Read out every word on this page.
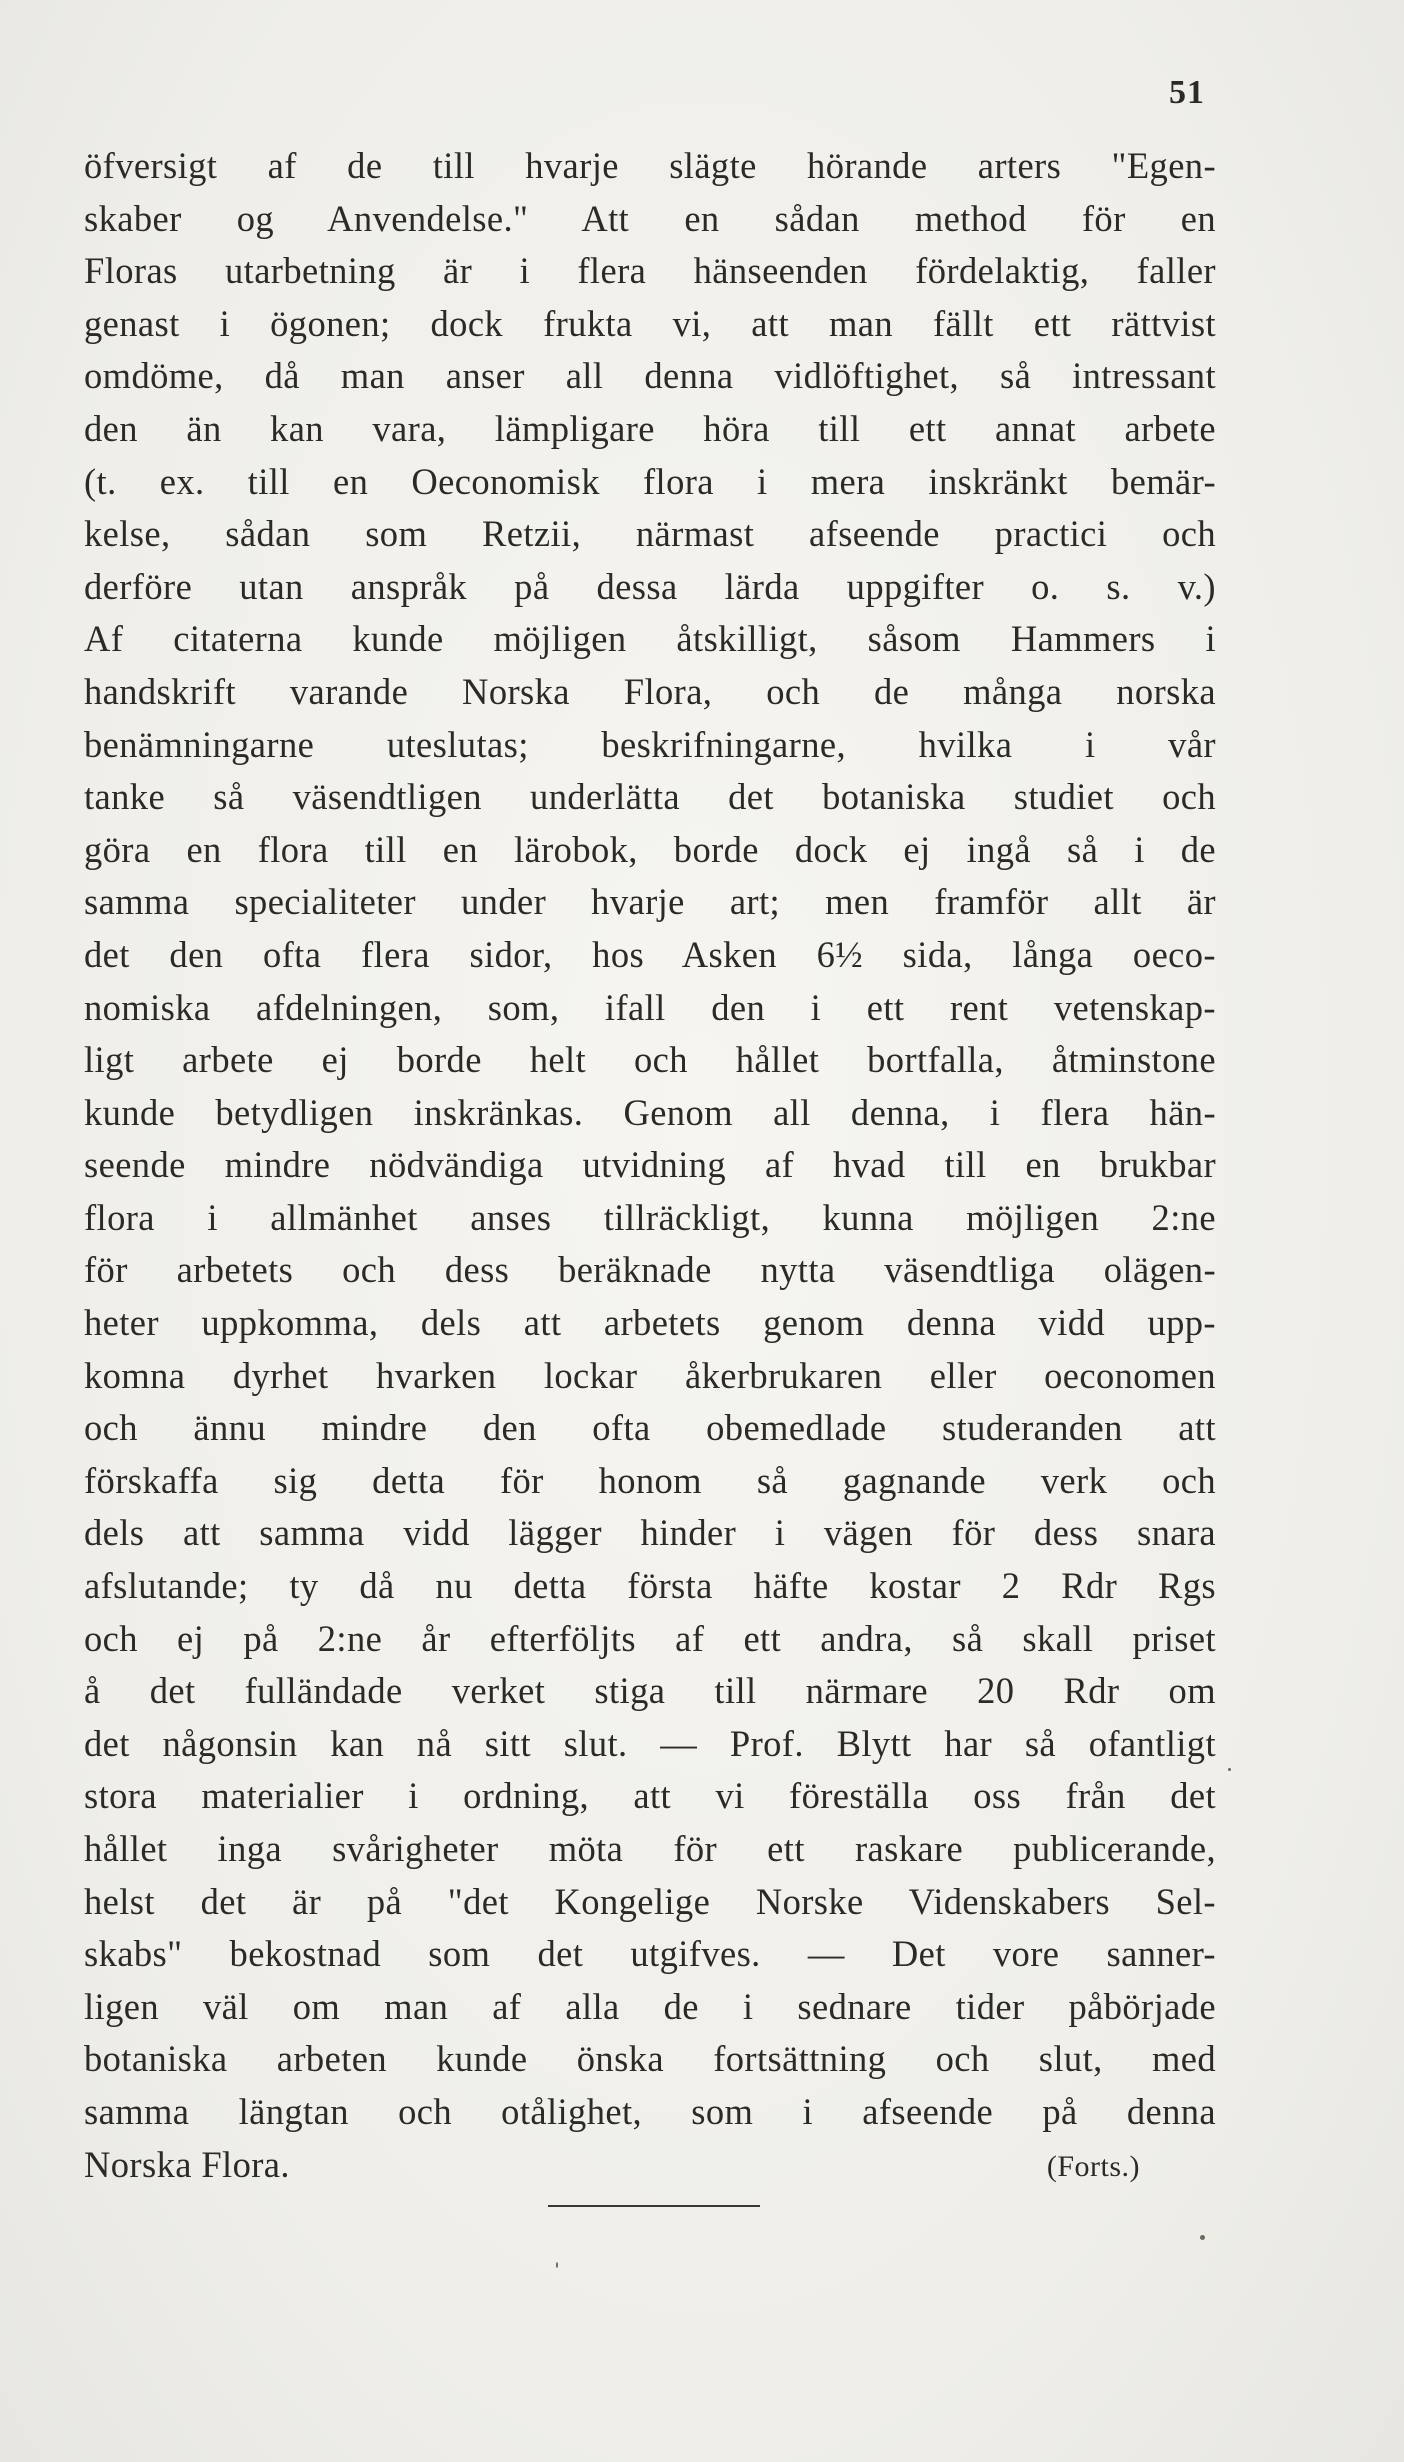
51
öfversigt af de till hvarje slägte hörande arters "Egen-
skaber og Anvendelse." Att en sådan method för en
Floras utarbetning är i flera hänseenden fördelaktig, faller
genast i ögonen; dock frukta vi, att man fällt ett rättvist
omdöme, då man anser all denna vidlöftighet, så intressant
den än kan vara, lämpligare höra till ett annat arbete
(t. ex. till en Oeconomisk flora i mera inskränkt bemär-
kelse, sådan som Retzii, närmast afseende practici och
derföre utan anspråk på dessa lärda uppgifter o. s. v.)
Af citaterna kunde möjligen åtskilligt, såsom Hammers i
handskrift varande Norska Flora, och de många norska
benämningarne uteslutas; beskrifningarne, hvilka i vår
tanke så väsendtligen underlätta det botaniska studiet och
göra en flora till en lärobok, borde dock ej ingå så i de
samma specialiteter under hvarje art; men framför allt är
det den ofta flera sidor, hos Asken 6½ sida, långa oeco-
nomiska afdelningen, som, ifall den i ett rent vetenskap-
ligt arbete ej borde helt och hållet bortfalla, åtminstone
kunde betydligen inskränkas. Genom all denna, i flera hän-
seende mindre nödvändiga utvidning af hvad till en brukbar
flora i allmänhet anses tillräckligt, kunna möjligen 2:ne
för arbetets och dess beräknade nytta väsendtliga olägen-
heter uppkomma, dels att arbetets genom denna vidd upp-
komna dyrhet hvarken lockar åkerbrukaren eller oeconomen
och ännu mindre den ofta obemedlade studeranden att
förskaffa sig detta för honom så gagnande verk och
dels att samma vidd lägger hinder i vägen för dess snara
afslutande; ty då nu detta första häfte kostar 2 Rdr Rgs
och ej på 2:ne år efterföljts af ett andra, så skall priset
å det fulländade verket stiga till närmare 20 Rdr om
det någonsin kan nå sitt slut. — Prof. Blytt har så ofantligt
stora materialier i ordning, att vi föreställa oss från det
hållet inga svårigheter möta för ett raskare publicerande,
helst det är på "det Kongelige Norske Videnskabers Sel-
skabs" bekostnad som det utgifves. — Det vore sanner-
ligen väl om man af alla de i sednare tider påbörjade
botaniska arbeten kunde önska fortsättning och slut, med
samma längtan och otålighet, som i afseende på denna
Norska Flora.	(Forts.)
